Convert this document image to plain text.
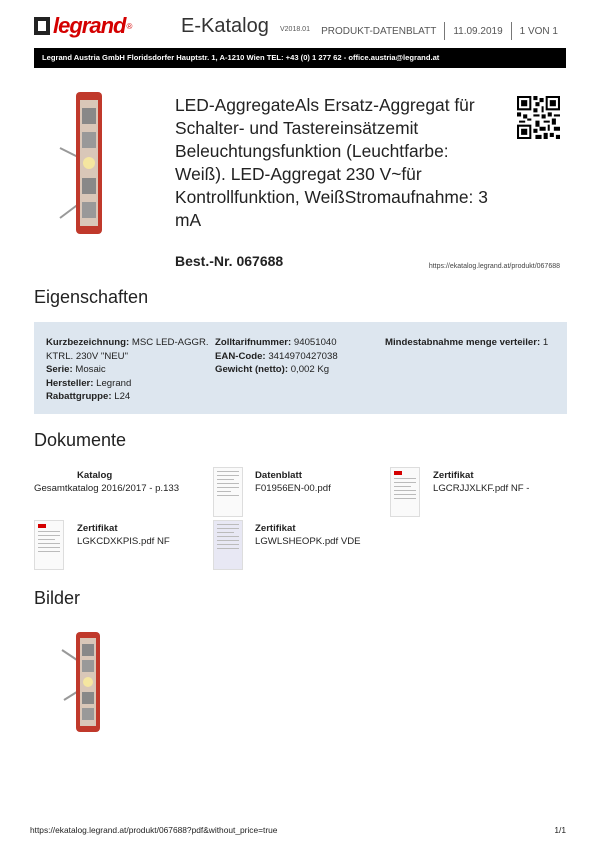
legrand ® E-Katalog V2018.01	PRODUKT-DATENBLATT	11.09.2019	1 VON 1
Legrand Austria GmbH Floridsdorfer Hauptstr. 1, A-1210 Wien TEL: +43 (0) 1 277 62 - office.austria@legrand.at
LED-AggregateAls Ersatz-Aggregat für Schalter- und Tastereinsätzemit Beleuchtungsfunktion (Leuchtfarbe: Weiß). LED-Aggregat 230 V~für Kontrollfunktion, WeißStromaufnahme: 3 mA
Best.-Nr. 067688	https://ekatalog.legrand.at/produkt/067688
Eigenschaften
Kurzbezeichnung: MSC LED-AGGR. KTRL. 230V "NEU"
Serie: Mosaic
Hersteller: Legrand
Rabattgruppe: L24
Zolltarifnummer: 94051040
EAN-Code: 3414970427038
Gewicht (netto): 0,002 Kg
Mindestabnahme menge verteiler: 1
Dokumente
Katalog
Gesamtkatalog 2016/2017 - p.133
Datenblatt
F01956EN-00.pdf
Zertifikat
LGCRJJXLKF.pdf NF -
Zertifikat
LGKCDXKPIS.pdf NF
Zertifikat
LGWLSHEOPK.pdf VDE
Bilder
https://ekatalog.legrand.at/produkt/067688?pdf&without_price=true	1/1
